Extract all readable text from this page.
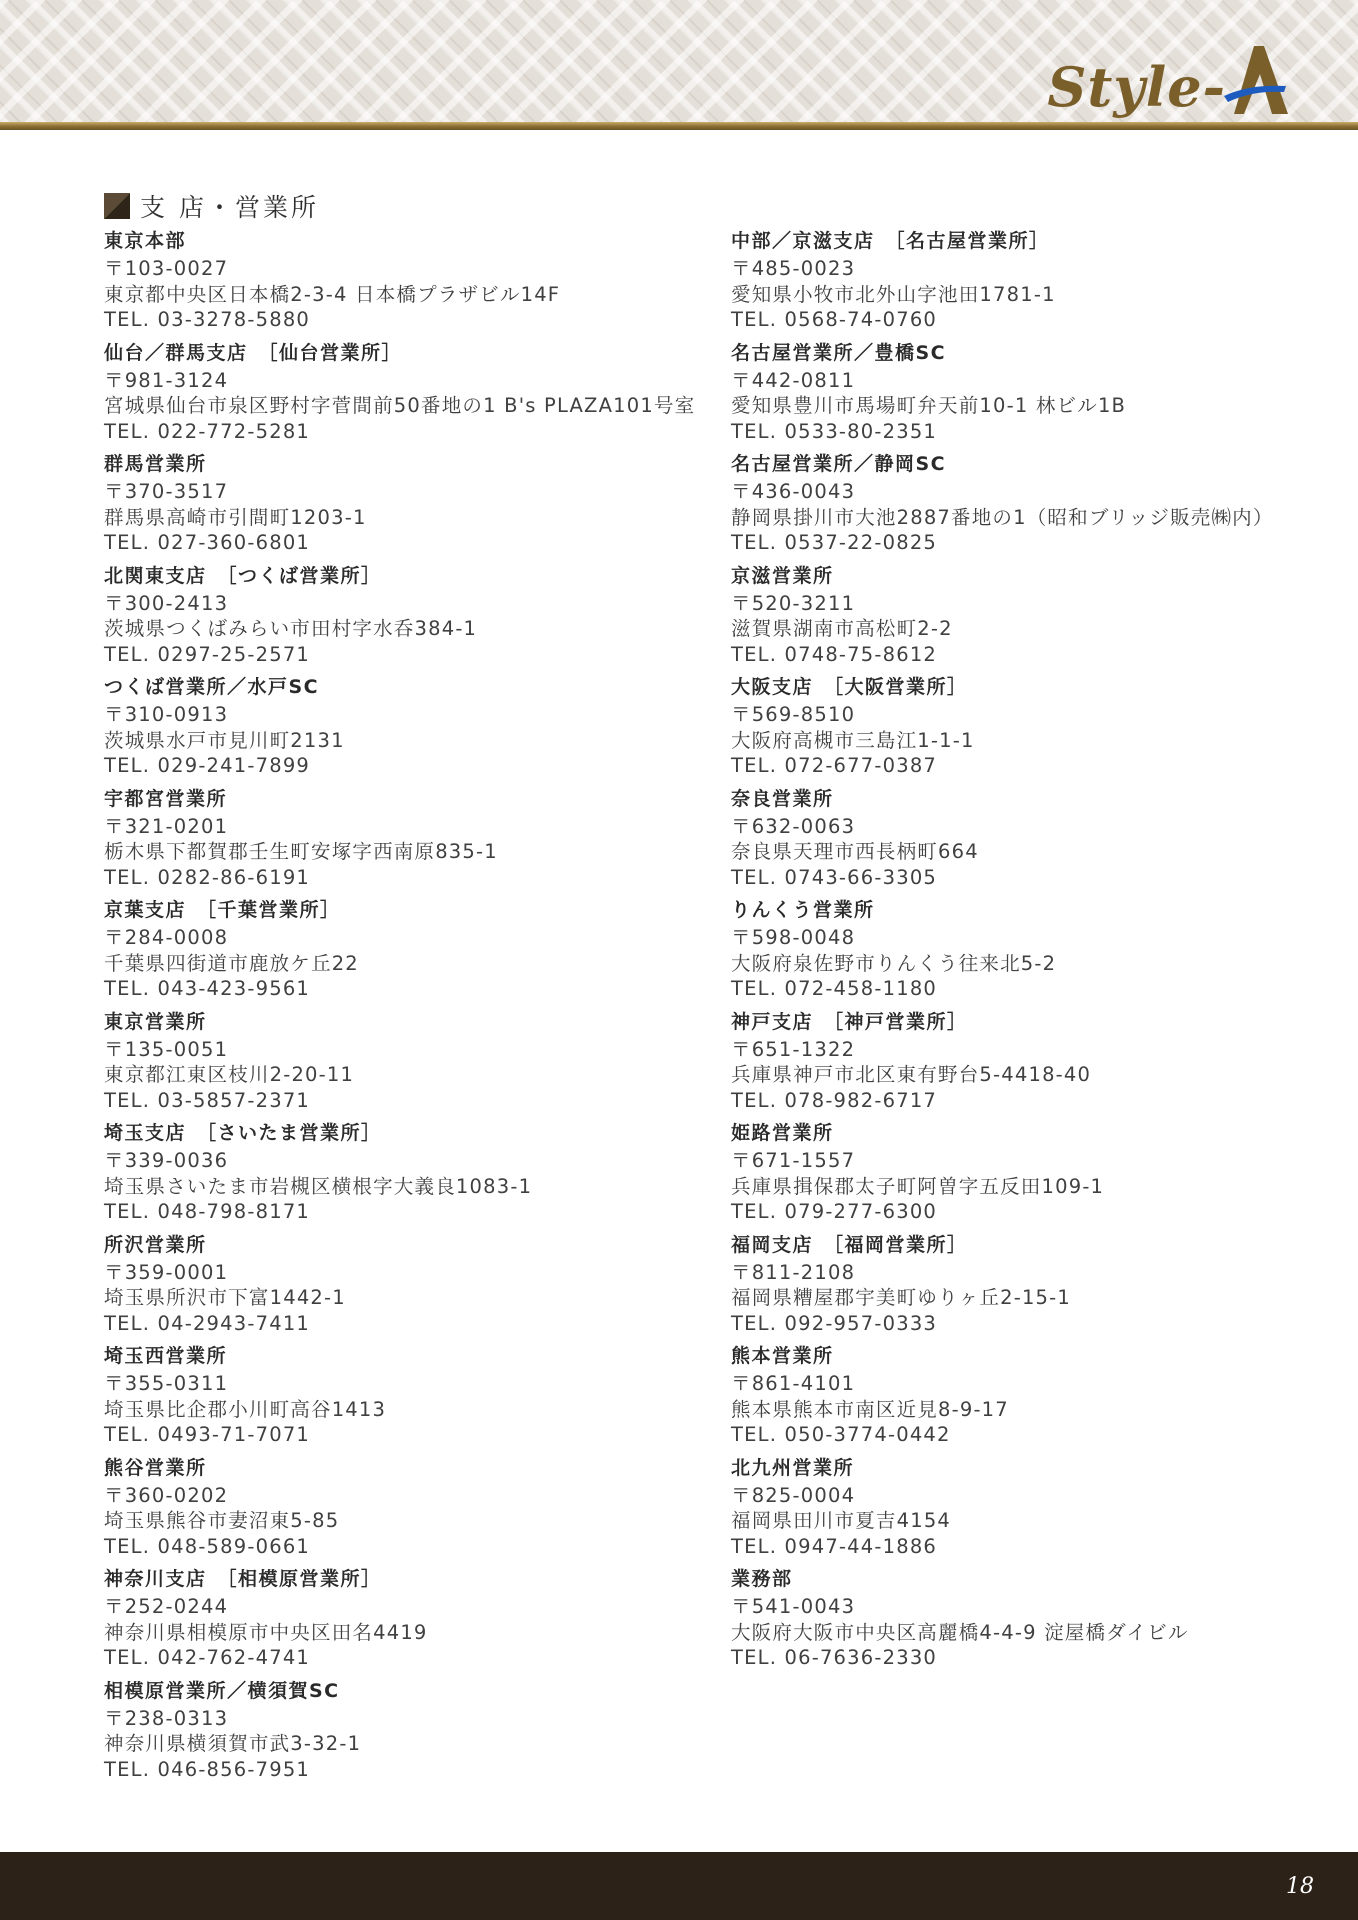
Style-
支 店・営業所
東京本部
〒103-0027
東京都中央区日本橋2-3-4 日本橋プラザビル14F
TEL. 03-3278-5880
仙台／群馬支店　［仙台営業所］
〒981-3124
宮城県仙台市泉区野村字菅間前50番地の1 B's PLAZA101号室
TEL. 022-772-5281
群馬営業所
〒370-3517
群馬県高崎市引間町1203-1
TEL. 027-360-6801
北関東支店　［つくば営業所］
〒300-2413
茨城県つくばみらい市田村字水呑384-1
TEL. 0297-25-2571
つくば営業所／水戸SC
〒310-0913
茨城県水戸市見川町2131
TEL. 029-241-7899
宇都宮営業所
〒321-0201
栃木県下都賀郡壬生町安塚字西南原835-1
TEL. 0282-86-6191
京葉支店　［千葉営業所］
〒284-0008
千葉県四街道市鹿放ケ丘22
TEL. 043-423-9561
東京営業所
〒135-0051
東京都江東区枝川2-20-11
TEL. 03-5857-2371
埼玉支店　［さいたま営業所］
〒339-0036
埼玉県さいたま市岩槻区横根字大義良1083-1
TEL. 048-798-8171
所沢営業所
〒359-0001
埼玉県所沢市下富1442-1
TEL. 04-2943-7411
埼玉西営業所
〒355-0311
埼玉県比企郡小川町高谷1413
TEL. 0493-71-7071
熊谷営業所
〒360-0202
埼玉県熊谷市妻沼東5-85
TEL. 048-589-0661
神奈川支店　［相模原営業所］
〒252-0244
神奈川県相模原市中央区田名4419
TEL. 042-762-4741
相模原営業所／横須賀SC
〒238-0313
神奈川県横須賀市武3-32-1
TEL. 046-856-7951
中部／京滋支店　［名古屋営業所］
〒485-0023
愛知県小牧市北外山字池田1781-1
TEL. 0568-74-0760
名古屋営業所／豊橋SC
〒442-0811
愛知県豊川市馬場町弁天前10-1 林ビル1B
TEL. 0533-80-2351
名古屋営業所／静岡SC
〒436-0043
静岡県掛川市大池2887番地の1（昭和ブリッジ販売㈱内）
TEL. 0537-22-0825
京滋営業所
〒520-3211
滋賀県湖南市高松町2-2
TEL. 0748-75-8612
大阪支店　［大阪営業所］
〒569-8510
大阪府高槻市三島江1-1-1
TEL. 072-677-0387
奈良営業所
〒632-0063
奈良県天理市西長柄町664
TEL. 0743-66-3305
りんくう営業所
〒598-0048
大阪府泉佐野市りんくう往来北5-2
TEL. 072-458-1180
神戸支店　［神戸営業所］
〒651-1322
兵庫県神戸市北区東有野台5-4418-40
TEL. 078-982-6717
姫路営業所
〒671-1557
兵庫県揖保郡太子町阿曽字五反田109-1
TEL. 079-277-6300
福岡支店　［福岡営業所］
〒811-2108
福岡県糟屋郡宇美町ゆりヶ丘2-15-1
TEL. 092-957-0333
熊本営業所
〒861-4101
熊本県熊本市南区近見8-9-17
TEL. 050-3774-0442
北九州営業所
〒825-0004
福岡県田川市夏吉4154
TEL. 0947-44-1886
業務部
〒541-0043
大阪府大阪市中央区高麗橋4-4-9 淀屋橋ダイビル
TEL. 06-7636-2330
18
